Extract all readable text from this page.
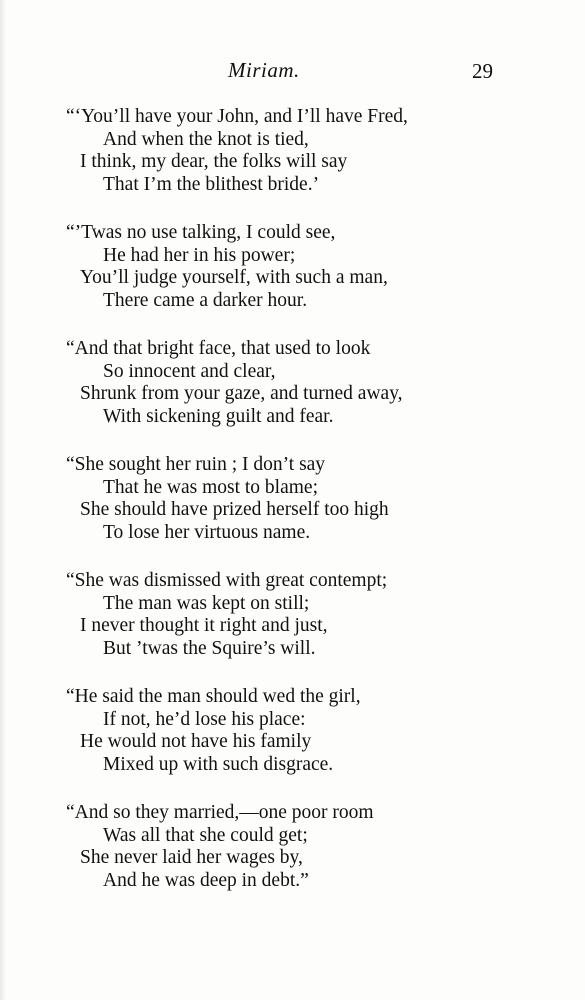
Miriam.	29
“‘You’ll have your John, and I’ll have Fred,
And when the knot is tied,
I think, my dear, the folks will say
That I’m the blithest bride.’
“’Twas no use talking, I could see,
He had her in his power;
You’ll judge yourself, with such a man,
There came a darker hour.
“And that bright face, that used to look
So innocent and clear,
Shrunk from your gaze, and turned away,
With sickening guilt and fear.
“She sought her ruin ; I don’t say
That he was most to blame;
She should have prized herself too high
To lose her virtuous name.
“She was dismissed with great contempt;
The man was kept on still;
I never thought it right and just,
But ’twas the Squire’s will.
“He said the man should wed the girl,
If not, he’d lose his place:
He would not have his family
Mixed up with such disgrace.
“And so they married,—one poor room
Was all that she could get;
She never laid her wages by,
And he was deep in debt.”
